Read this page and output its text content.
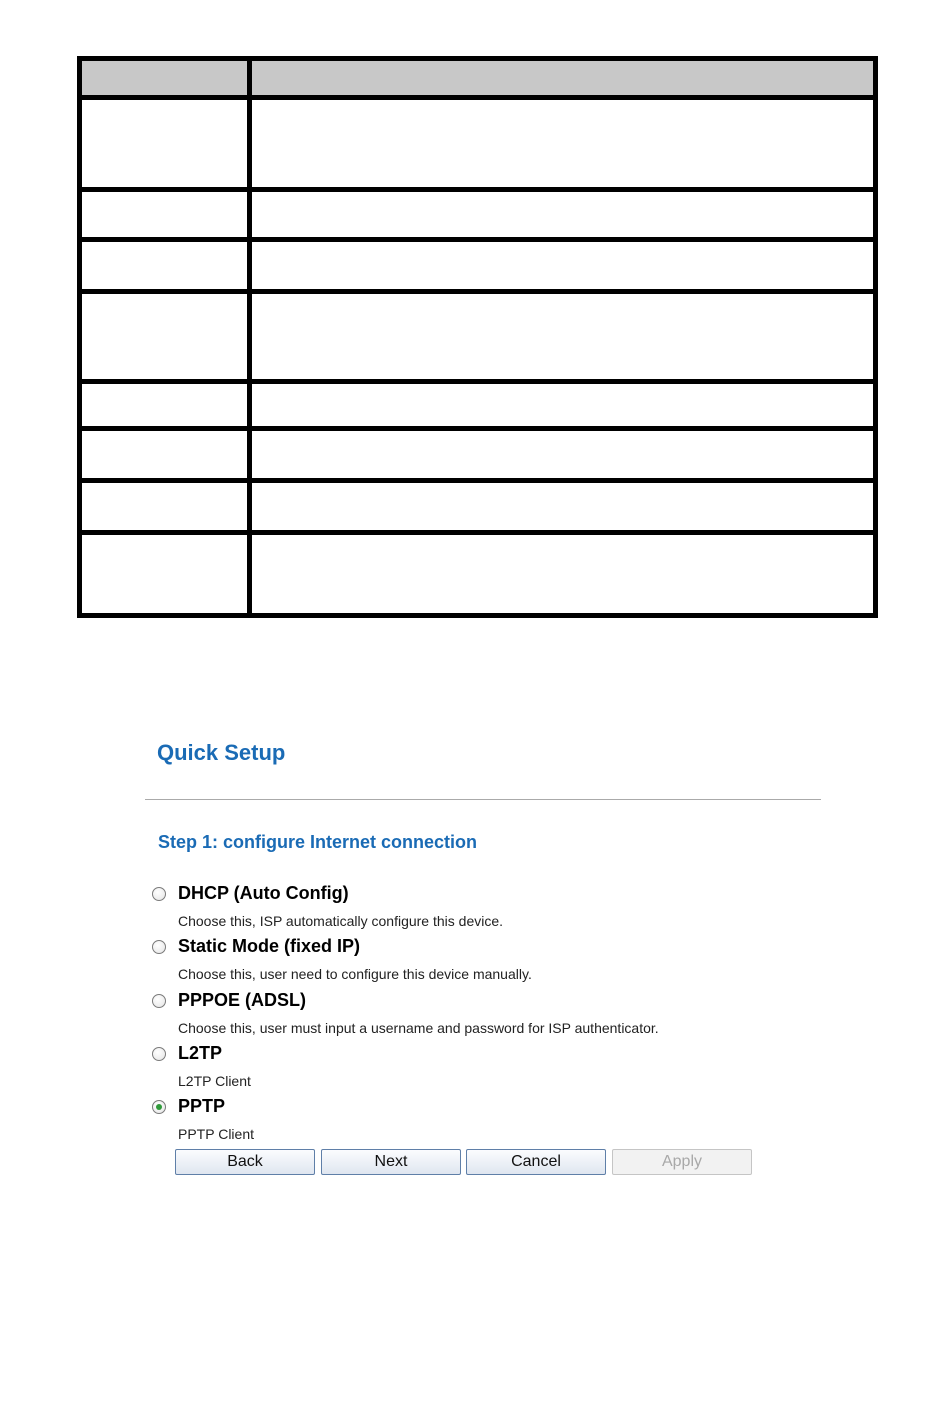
Quick Setup
Step 1: configure Internet connection
DHCP (Auto Config)
Choose this, ISP automatically configure this device.
Static Mode (fixed IP)
Choose this, user need to configure this device manually.
PPPOE (ADSL)
Choose this, user must input a username and password for ISP authenticator.
L2TP
L2TP Client
PPTP
PPTP Client
Back	Next	Cancel	Apply
